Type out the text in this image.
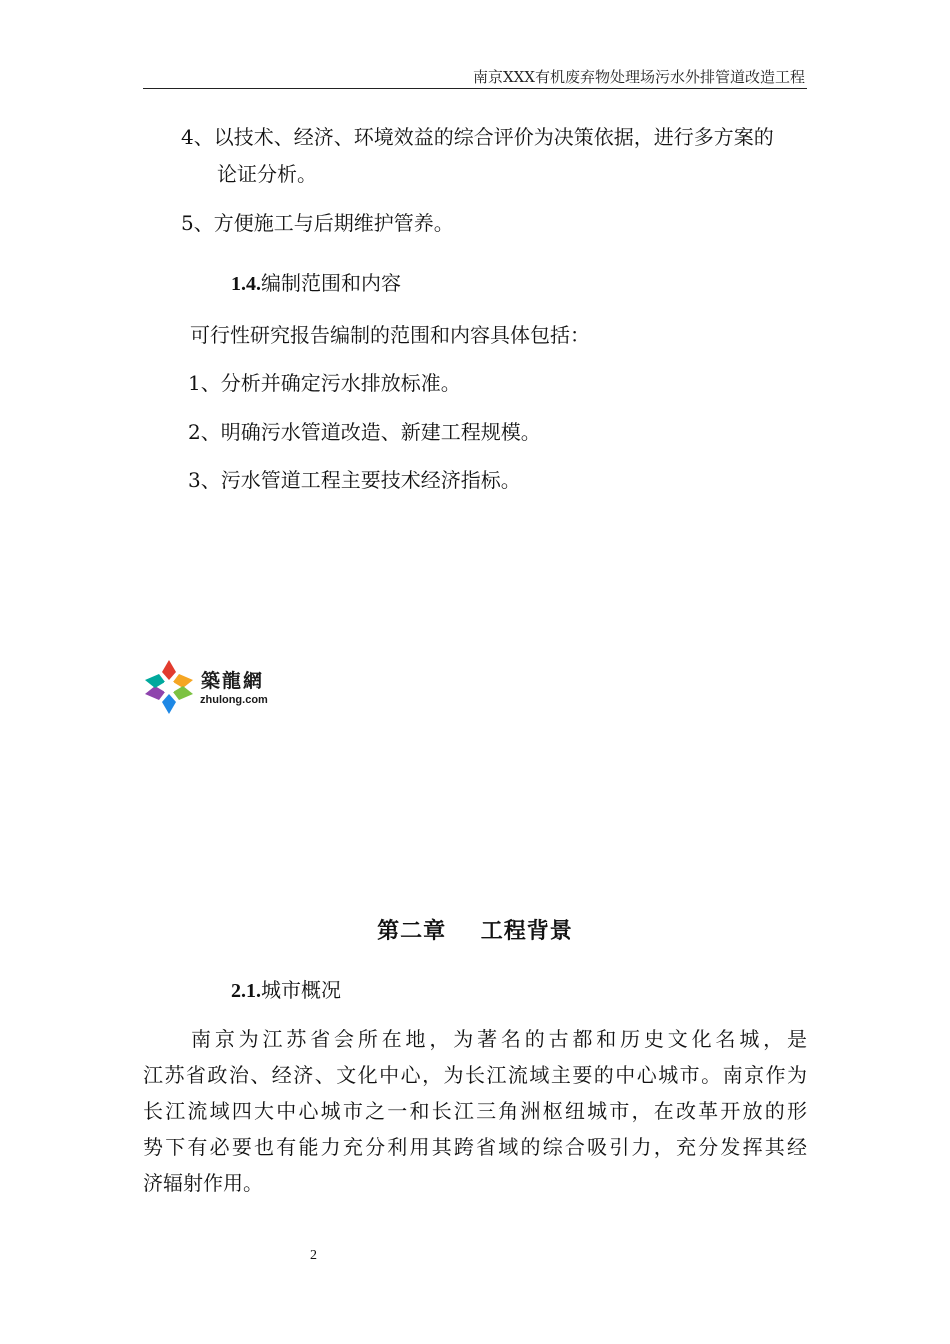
南京XXX有机废弃物处理场污水外排管道改造工程
4、以技术、经济、环境效益的综合评价为决策依据，进行多方案的
论证分析。
5、方便施工与后期维护管养。
1.4.编制范围和内容
可行性研究报告编制的范围和内容具体包括：
1、分析并确定污水排放标准。
2、明确污水管道改造、新建工程规模。
3、污水管道工程主要技术经济指标。
築龍網
zhulong.com
第二章    工程背景
2.1.城市概况
南京为江苏省会所在地，为著名的古都和历史文化名城，是
江苏省政治、经济、文化中心，为长江流域主要的中心城市。南京作为
长江流域四大中心城市之一和长江三角洲枢纽城市，在改革开放的形
势下有必要也有能力充分利用其跨省域的综合吸引力，充分发挥其经
济辐射作用。
2
